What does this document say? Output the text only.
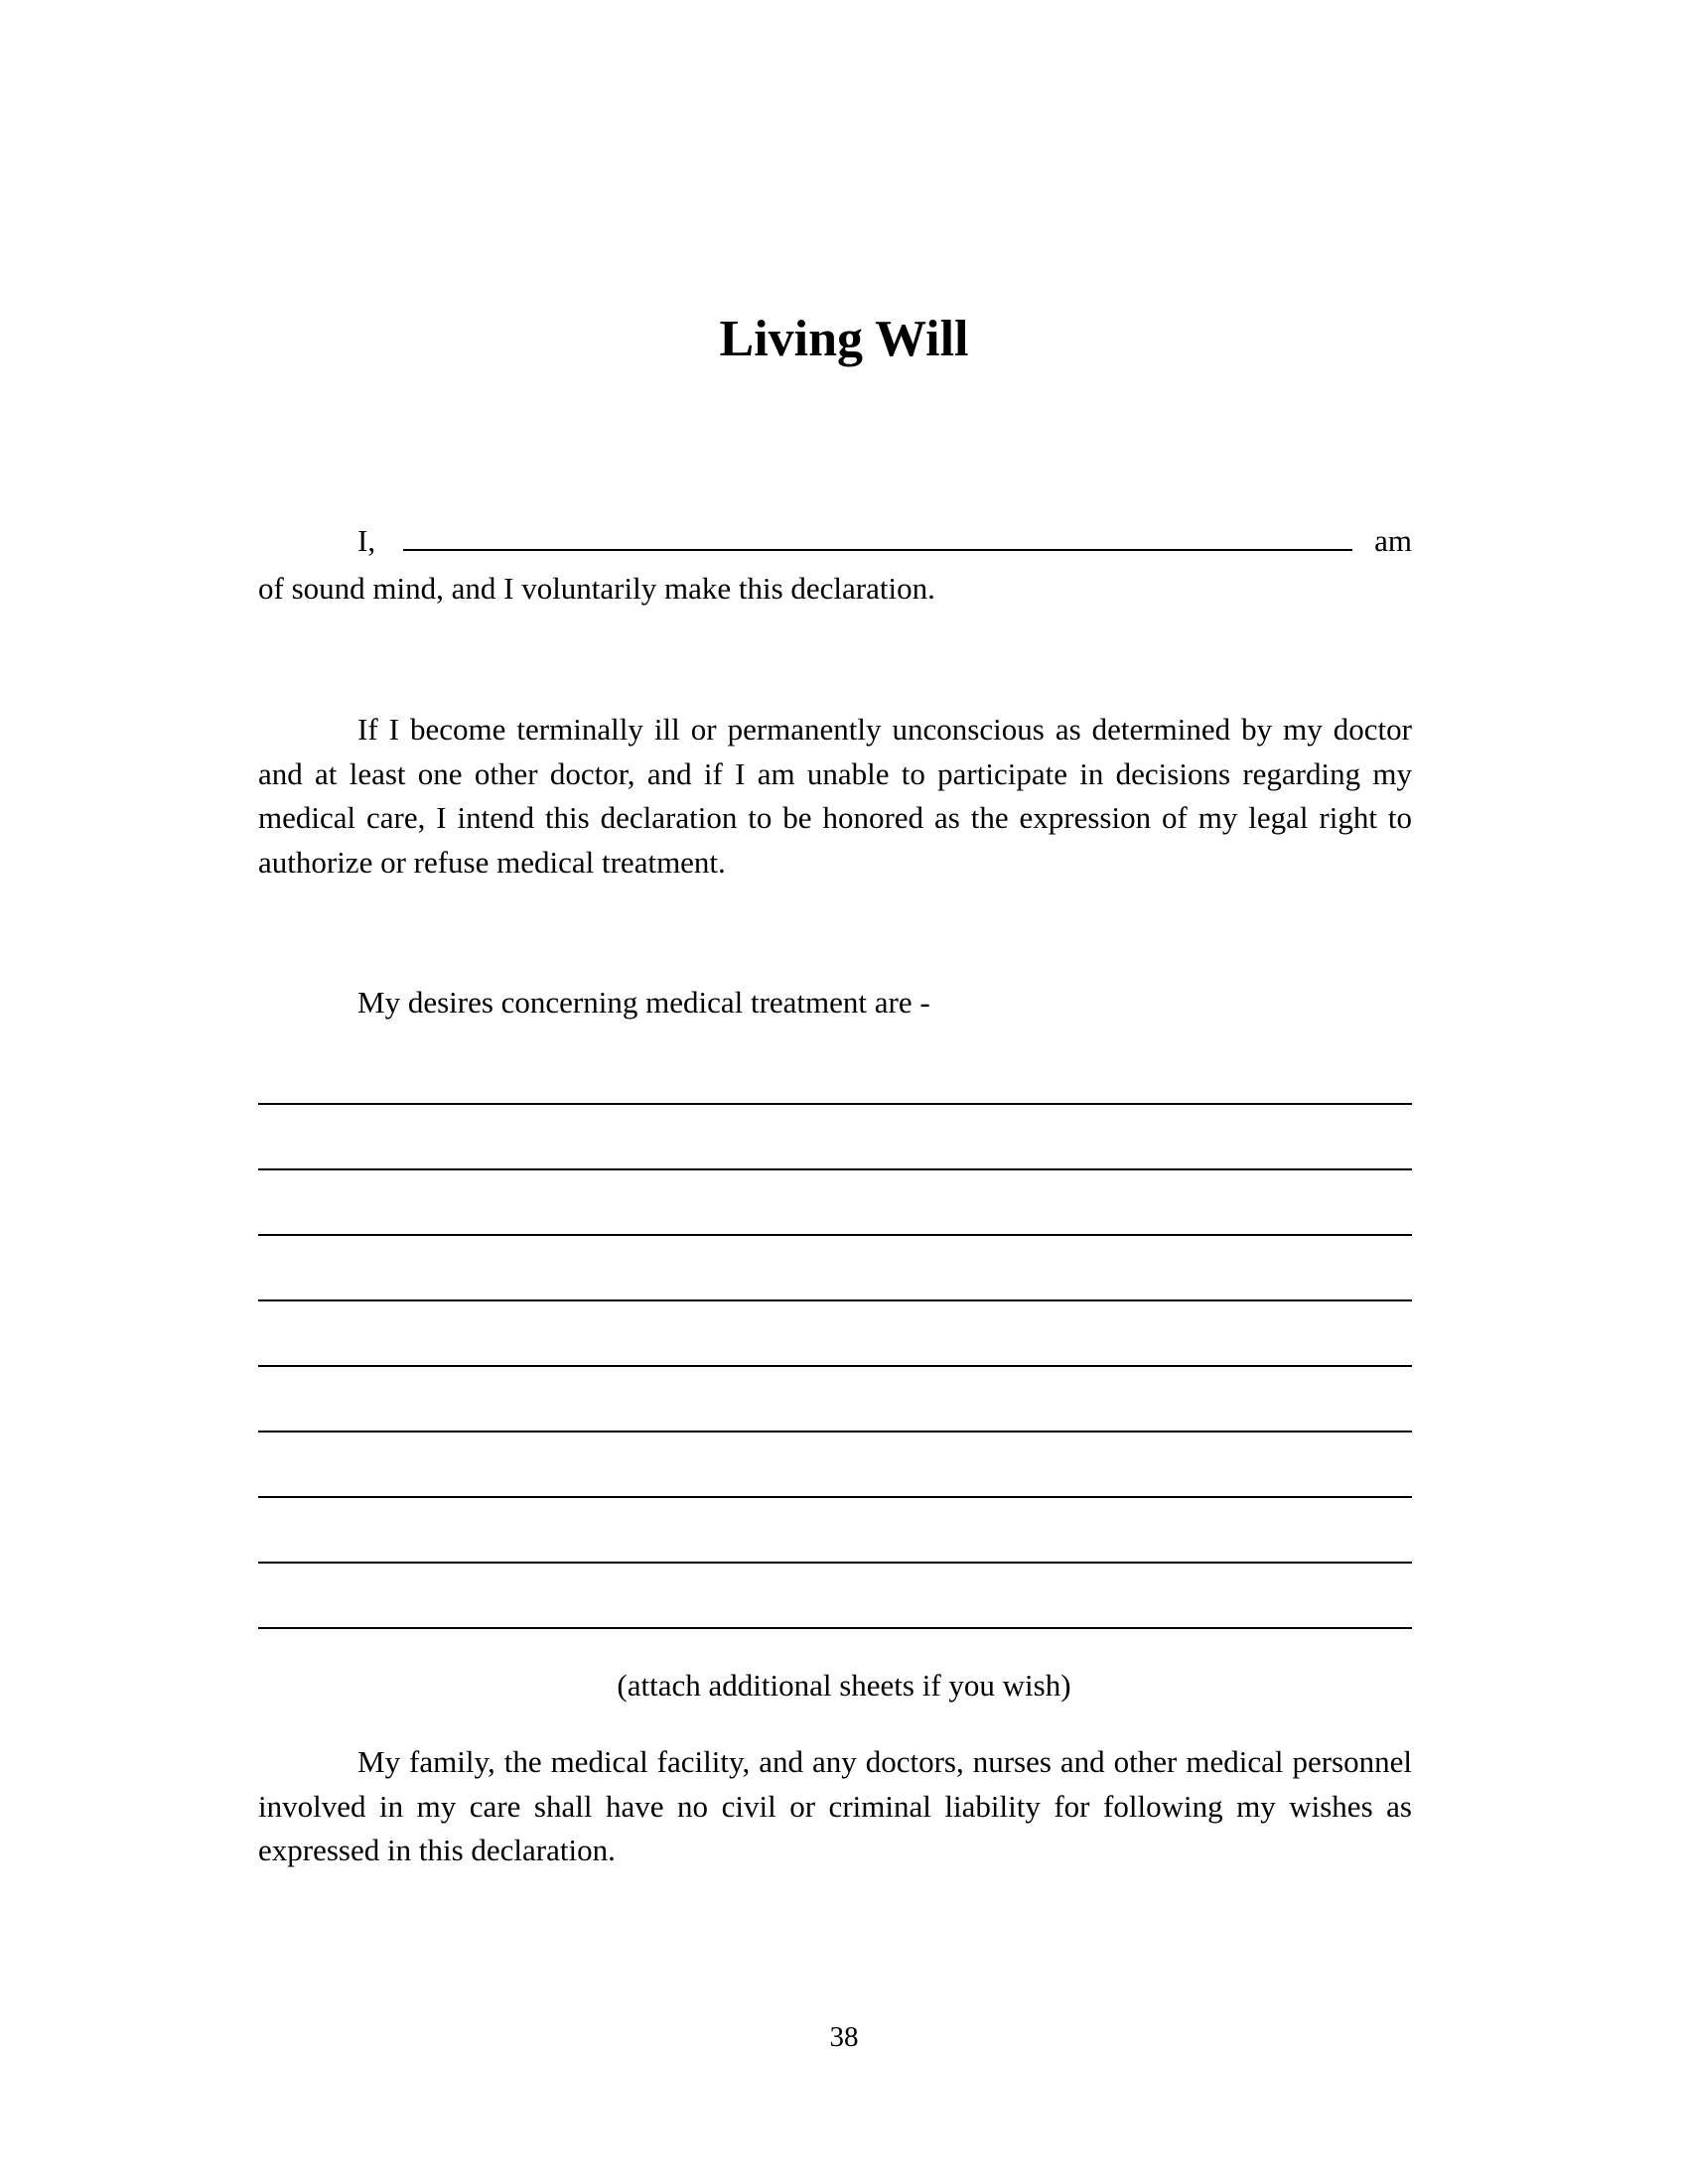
Living Will
I,	am
of sound mind, and I voluntarily make this declaration.
If I become terminally ill or permanently unconscious as determined by my doctor and at least one other doctor, and if I am unable to participate in decisions regarding my medical care, I intend this declaration to be honored as the expression of my legal right to authorize or refuse medical treatment.
My desires concerning medical treatment are -
(attach additional sheets if you wish)
My family, the medical facility, and any doctors, nurses and other medical personnel involved in my care shall have no civil or criminal liability for following my wishes as expressed in this declaration.
38
